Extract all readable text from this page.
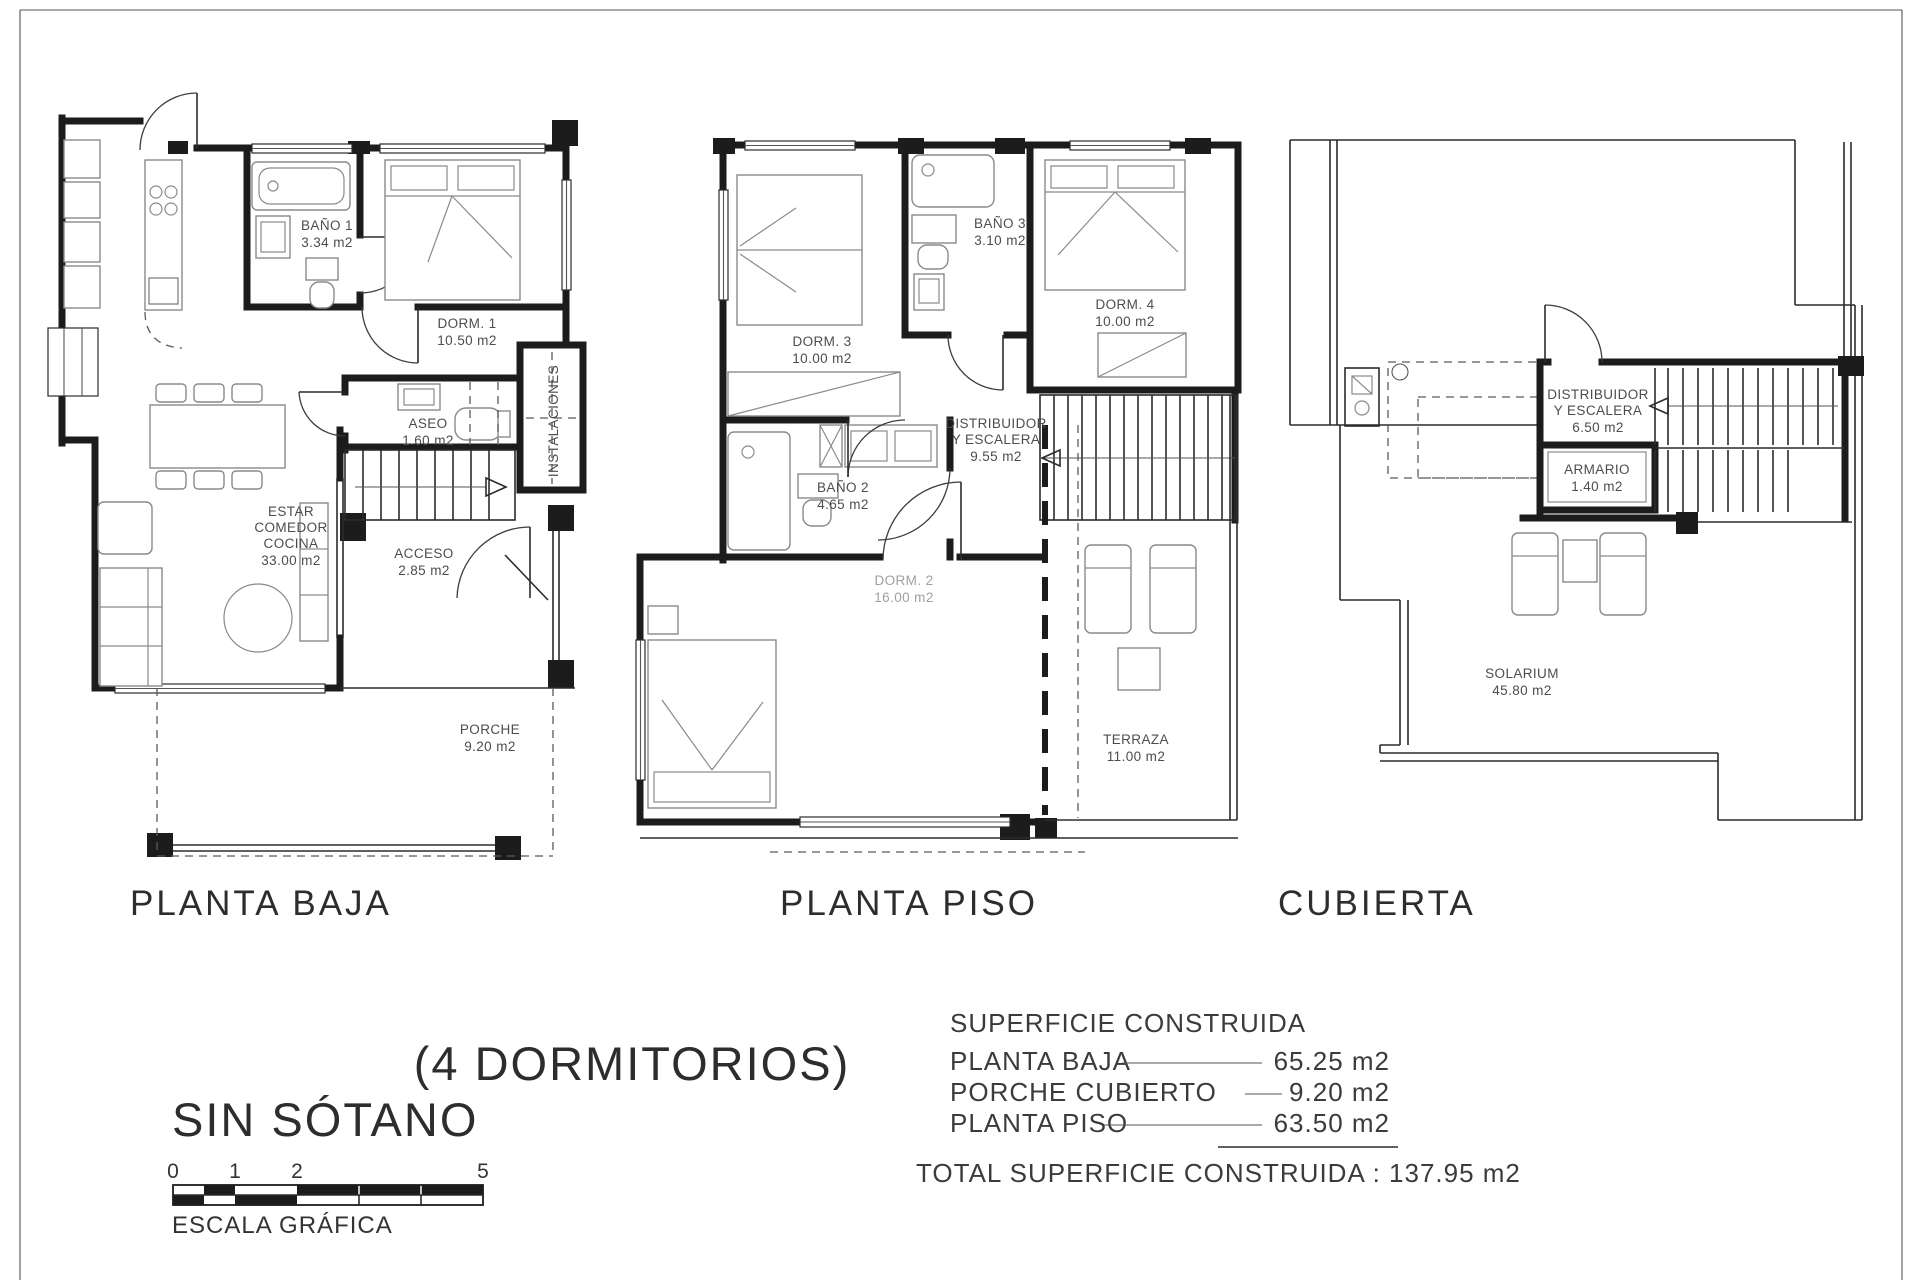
BAÑO 1
3.34 m2
DORM. 1
10.50 m2
ASEO
1.60 m2	INSTALACIONES
ESTAR
COMEDOR
COCINA
33.00 m2	ACCESO
2.85 m2
PORCHE
9.20 m2
PLANTA BAJA
DORM. 3
10.00 m2
BAÑO 3
3.10 m2
DORM. 4
10.00 m2
BAÑO 2
4.65 m2
DISTRIBUIDOR
Y ESCALERA
9.55 m2
DORM. 2
16.00 m2
TERRAZA
11.00 m2
PLANTA PISO
DISTRIBUIDOR
Y ESCALERA
6.50 m2
ARMARIO
1.40 m2
SOLARIUM
45.80 m2
CUBIERTA
(4 DORMITORIOS)
SIN SÓTANO
0 1 2	5
ESCALA GRÁFICA
SUPERFICIE CONSTRUIDA
PLANTA BAJA	65.25 m2
PORCHE CUBIERTO	9.20 m2
PLANTA PISO	63.50 m2
TOTAL SUPERFICIE CONSTRUIDA : 137.95 m2
